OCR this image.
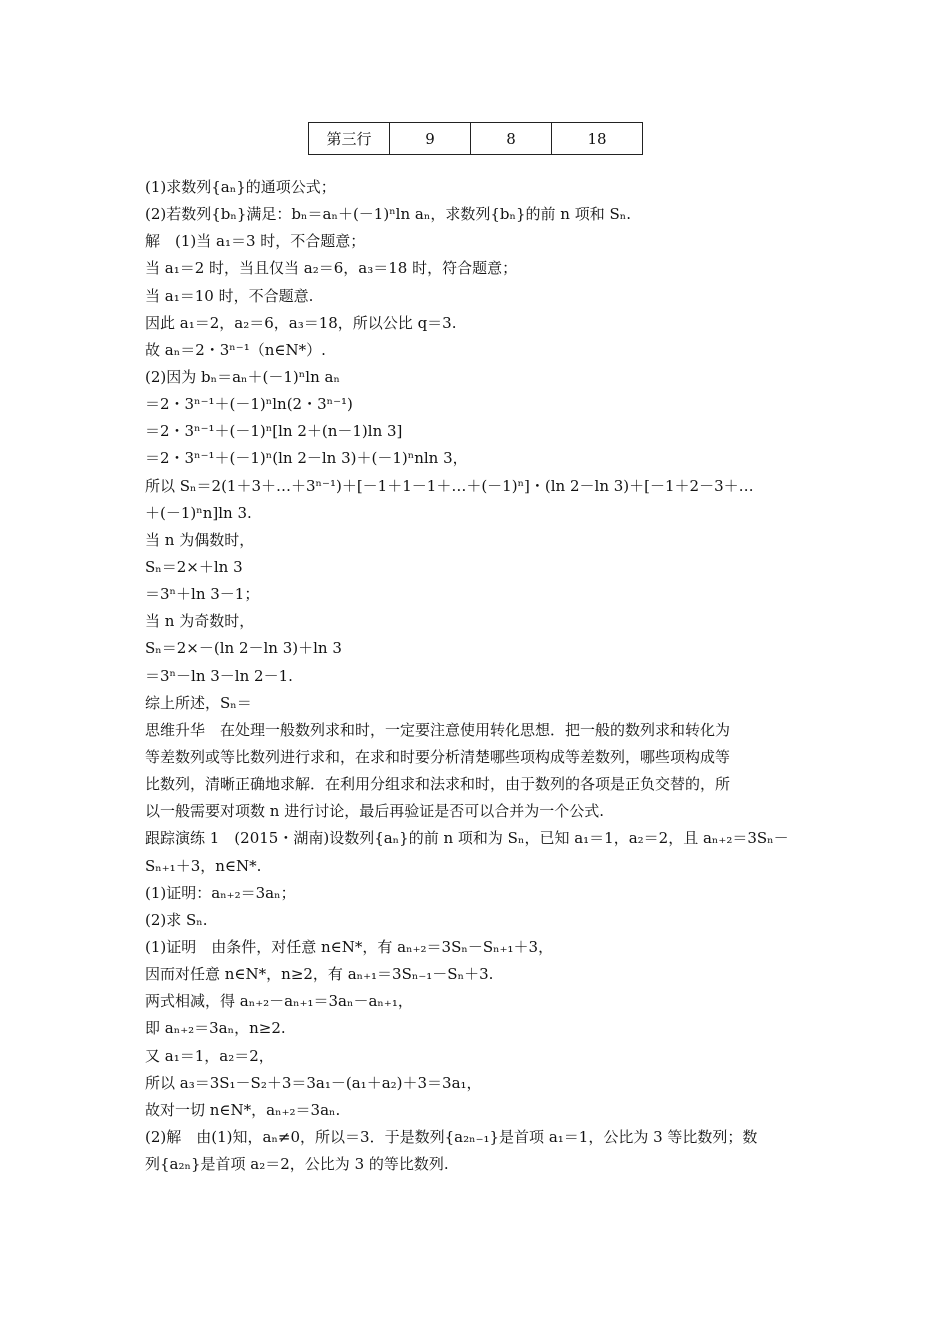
第三行	9	8	18
(1)求数列{aₙ}的通项公式；
(2)若数列{bₙ}满足：bₙ＝aₙ＋(－1)ⁿln aₙ，求数列{bₙ}的前 n 项和 Sₙ.
解　(1)当 a₁＝3 时，不合题意；
当 a₁＝2 时，当且仅当 a₂＝6，a₃＝18 时，符合题意；
当 a₁＝10 时，不合题意.
因此 a₁＝2，a₂＝6，a₃＝18，所以公比 q＝3.
故 aₙ＝2・3ⁿ⁻¹（n∈N*）.
(2)因为 bₙ＝aₙ＋(－1)ⁿln aₙ
＝2・3ⁿ⁻¹＋(－1)ⁿln(2・3ⁿ⁻¹)
＝2・3ⁿ⁻¹＋(－1)ⁿ[ln 2＋(n－1)ln 3]
＝2・3ⁿ⁻¹＋(－1)ⁿ(ln 2－ln 3)＋(－1)ⁿnln 3，
所以 Sₙ＝2(1＋3＋…＋3ⁿ⁻¹)＋[－1＋1－1＋…＋(－1)ⁿ]・(ln 2－ln 3)＋[－1＋2－3＋…
＋(－1)ⁿn]ln 3.
当 n 为偶数时，
Sₙ＝2×＋ln 3
＝3ⁿ＋ln 3－1；
当 n 为奇数时，
Sₙ＝2×－(ln 2－ln 3)＋ln 3
＝3ⁿ－ln 3－ln 2－1.
综上所述，Sₙ＝
思维升华　在处理一般数列求和时，一定要注意使用转化思想．把一般的数列求和转化为
等差数列或等比数列进行求和，在求和时要分析清楚哪些项构成等差数列，哪些项构成等
比数列，清晰正确地求解．在利用分组求和法求和时，由于数列的各项是正负交替的，所
以一般需要对项数 n 进行讨论，最后再验证是否可以合并为一个公式.
跟踪演练 1　(2015・湖南)设数列{aₙ}的前 n 项和为 Sₙ，已知 a₁＝1，a₂＝2，且 aₙ₊₂＝3Sₙ－
Sₙ₊₁＋3，n∈N*.
(1)证明：aₙ₊₂＝3aₙ；
(2)求 Sₙ.
(1)证明　由条件，对任意 n∈N*，有 aₙ₊₂＝3Sₙ－Sₙ₊₁＋3，
因而对任意 n∈N*，n≥2，有 aₙ₊₁＝3Sₙ₋₁－Sₙ＋3.
两式相减，得 aₙ₊₂－aₙ₊₁＝3aₙ－aₙ₊₁，
即 aₙ₊₂＝3aₙ，n≥2.
又 a₁＝1，a₂＝2，
所以 a₃＝3S₁－S₂＋3＝3a₁－(a₁＋a₂)＋3＝3a₁，
故对一切 n∈N*，aₙ₊₂＝3aₙ.
(2)解　由(1)知，aₙ≠0，所以＝3．于是数列{a₂ₙ₋₁}是首项 a₁＝1，公比为 3 等比数列；数
列{a₂ₙ}是首项 a₂＝2，公比为 3 的等比数列.
